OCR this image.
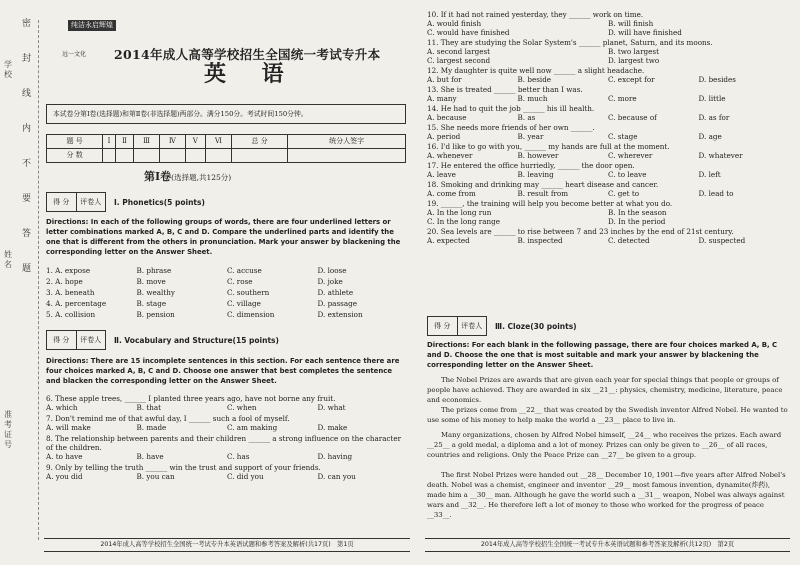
密
封
线
内
不
要
答
题
学校
姓名
准考证号
纯洁永启辉煌
远一文化 2014年成人高等学校招生全国统一考试专升本
英 语
本试卷分第Ⅰ卷(选择题)和第Ⅱ卷(非选择题)两部分。满分150分。考试时间150分钟。
题 号	Ⅰ	Ⅱ	Ⅲ	Ⅳ	Ⅴ	Ⅵ	总 分	统分人签字
分 数								
第Ⅰ卷(选择题,共125分)
得 分	评卷人	Ⅰ. Phonetics(5 points)
Directions: In each of the following groups of words, there are four underlined letters or letter combinations marked A, B, C and D. Compare the underlined parts and identify the one that is different from the others in pronunciation. Mark your answer by blackening the corresponding letter on the Answer Sheet.
1. A. expose	B. phrase	C. accuse	D. loose
2. A. hope	B. move	C. rose	D. joke
3. A. beneath	B. wealthy	C. southern	D. athlete
4. A. percentage	B. stage	C. village	D. passage
5. A. collision	B. pension	C. dimension	D. extension
得 分	评卷人	Ⅱ. Vocabulary and Structure(15 points)
Directions: There are 15 incomplete sentences in this section. For each sentence there are four choices marked A, B, C and D. Choose one answer that best completes the sentence and blacken the corresponding letter on the Answer Sheet.
6. These apple trees, ______ I planted three years ago, have not borne any fruit.
A. which	B. that	C. when	D. what
7. Don't remind me of that awful day, I ______ such a fool of myself.
A. will make	B. made	C. am making	D. make
8. The relationship between parents and their children ______ a strong influence on the character of the children.
A. to have	B. have	C. has	D. having
9. Only by telling the truth ______ win the trust and support of your friends.
A. you did	B. you can	C. did you	D. can you
2014年成人高等学校招生全国统一考试专升本英语试题和参考答案及解析(共17页)　第1页
10. If it had not rained yesterday, they ______ work on time.
A. would finish	B. will finish
C. would have finished	D. will have finished
11. They are studying the Solar System's ______ planet, Saturn, and its moons.
A. second largest	B. two largest
C. largest second	D. largest two
12. My daughter is quite well now ______ a slight headache.
A. but for	B. beside	C. except for	D. besides
13. She is treated ______ better than I was.
A. many	B. much	C. more	D. little
14. He had to quit the job ______ his ill health.
A. because	B. as	C. because of	D. as for
15. She needs more friends of her own ______.
A. period	B. year	C. stage	D. age
16. I'd like to go with you, ______ my hands are full at the moment.
A. whenever	B. however	C. wherever	D. whatever
17. He entered the office hurriedly, ______ the door open.
A. leave	B. leaving	C. to leave	D. left
18. Smoking and drinking may ______ heart disease and cancer.
A. come from	B. result from	C. get to	D. lead to
19. ______, the training will help you become better at what you do.
A. In the long run	B. In the season
C. In the long range	D. In the period
20. Sea levels are ______ to rise between 7 and 23 inches by the end of 21st century.
A. expected	B. inspected	C. detected	D. suspected
得 分	评卷人	Ⅲ. Cloze(30 points)
Directions: For each blank in the following passage, there are four choices marked A, B, C and D. Choose the one that is most suitable and mark your answer by blackening the corresponding letter on the Answer Sheet.
The Nobel Prizes are awards that are given each year for special things that people or groups of people have achieved. They are awarded in six __21__: physics, chemistry, medicine, literature, peace and economics.
The prizes come from __22__ that was created by the Swedish inventor Alfred Nobel. He wanted to use some of his money to help make the world a __23__ place to live in.
Many organizations, chosen by Alfred Nobel himself, __24__ who receives the prizes. Each award __25__ a gold medal, a diploma and a lot of money. Prizes can only be given to __26__ of all races, countries and religions. Only the Peace Prize can __27__ be given to a group.
The first Nobel Prizes were handed out __28__ December 10, 1901—five years after Alfred Nobel's death. Nobel was a chemist, engineer and inventor __29__ most famous invention, dynamite(炸药), made him a __30__ man. Although he gave the world such a __31__ weapon, Nobel was always against wars and __32__. He therefore left a lot of money to those who worked for the progress of peace __33__.
2014年成人高等学校招生全国统一考试专升本英语试题和参考答案及解析(共12页)　第2页
